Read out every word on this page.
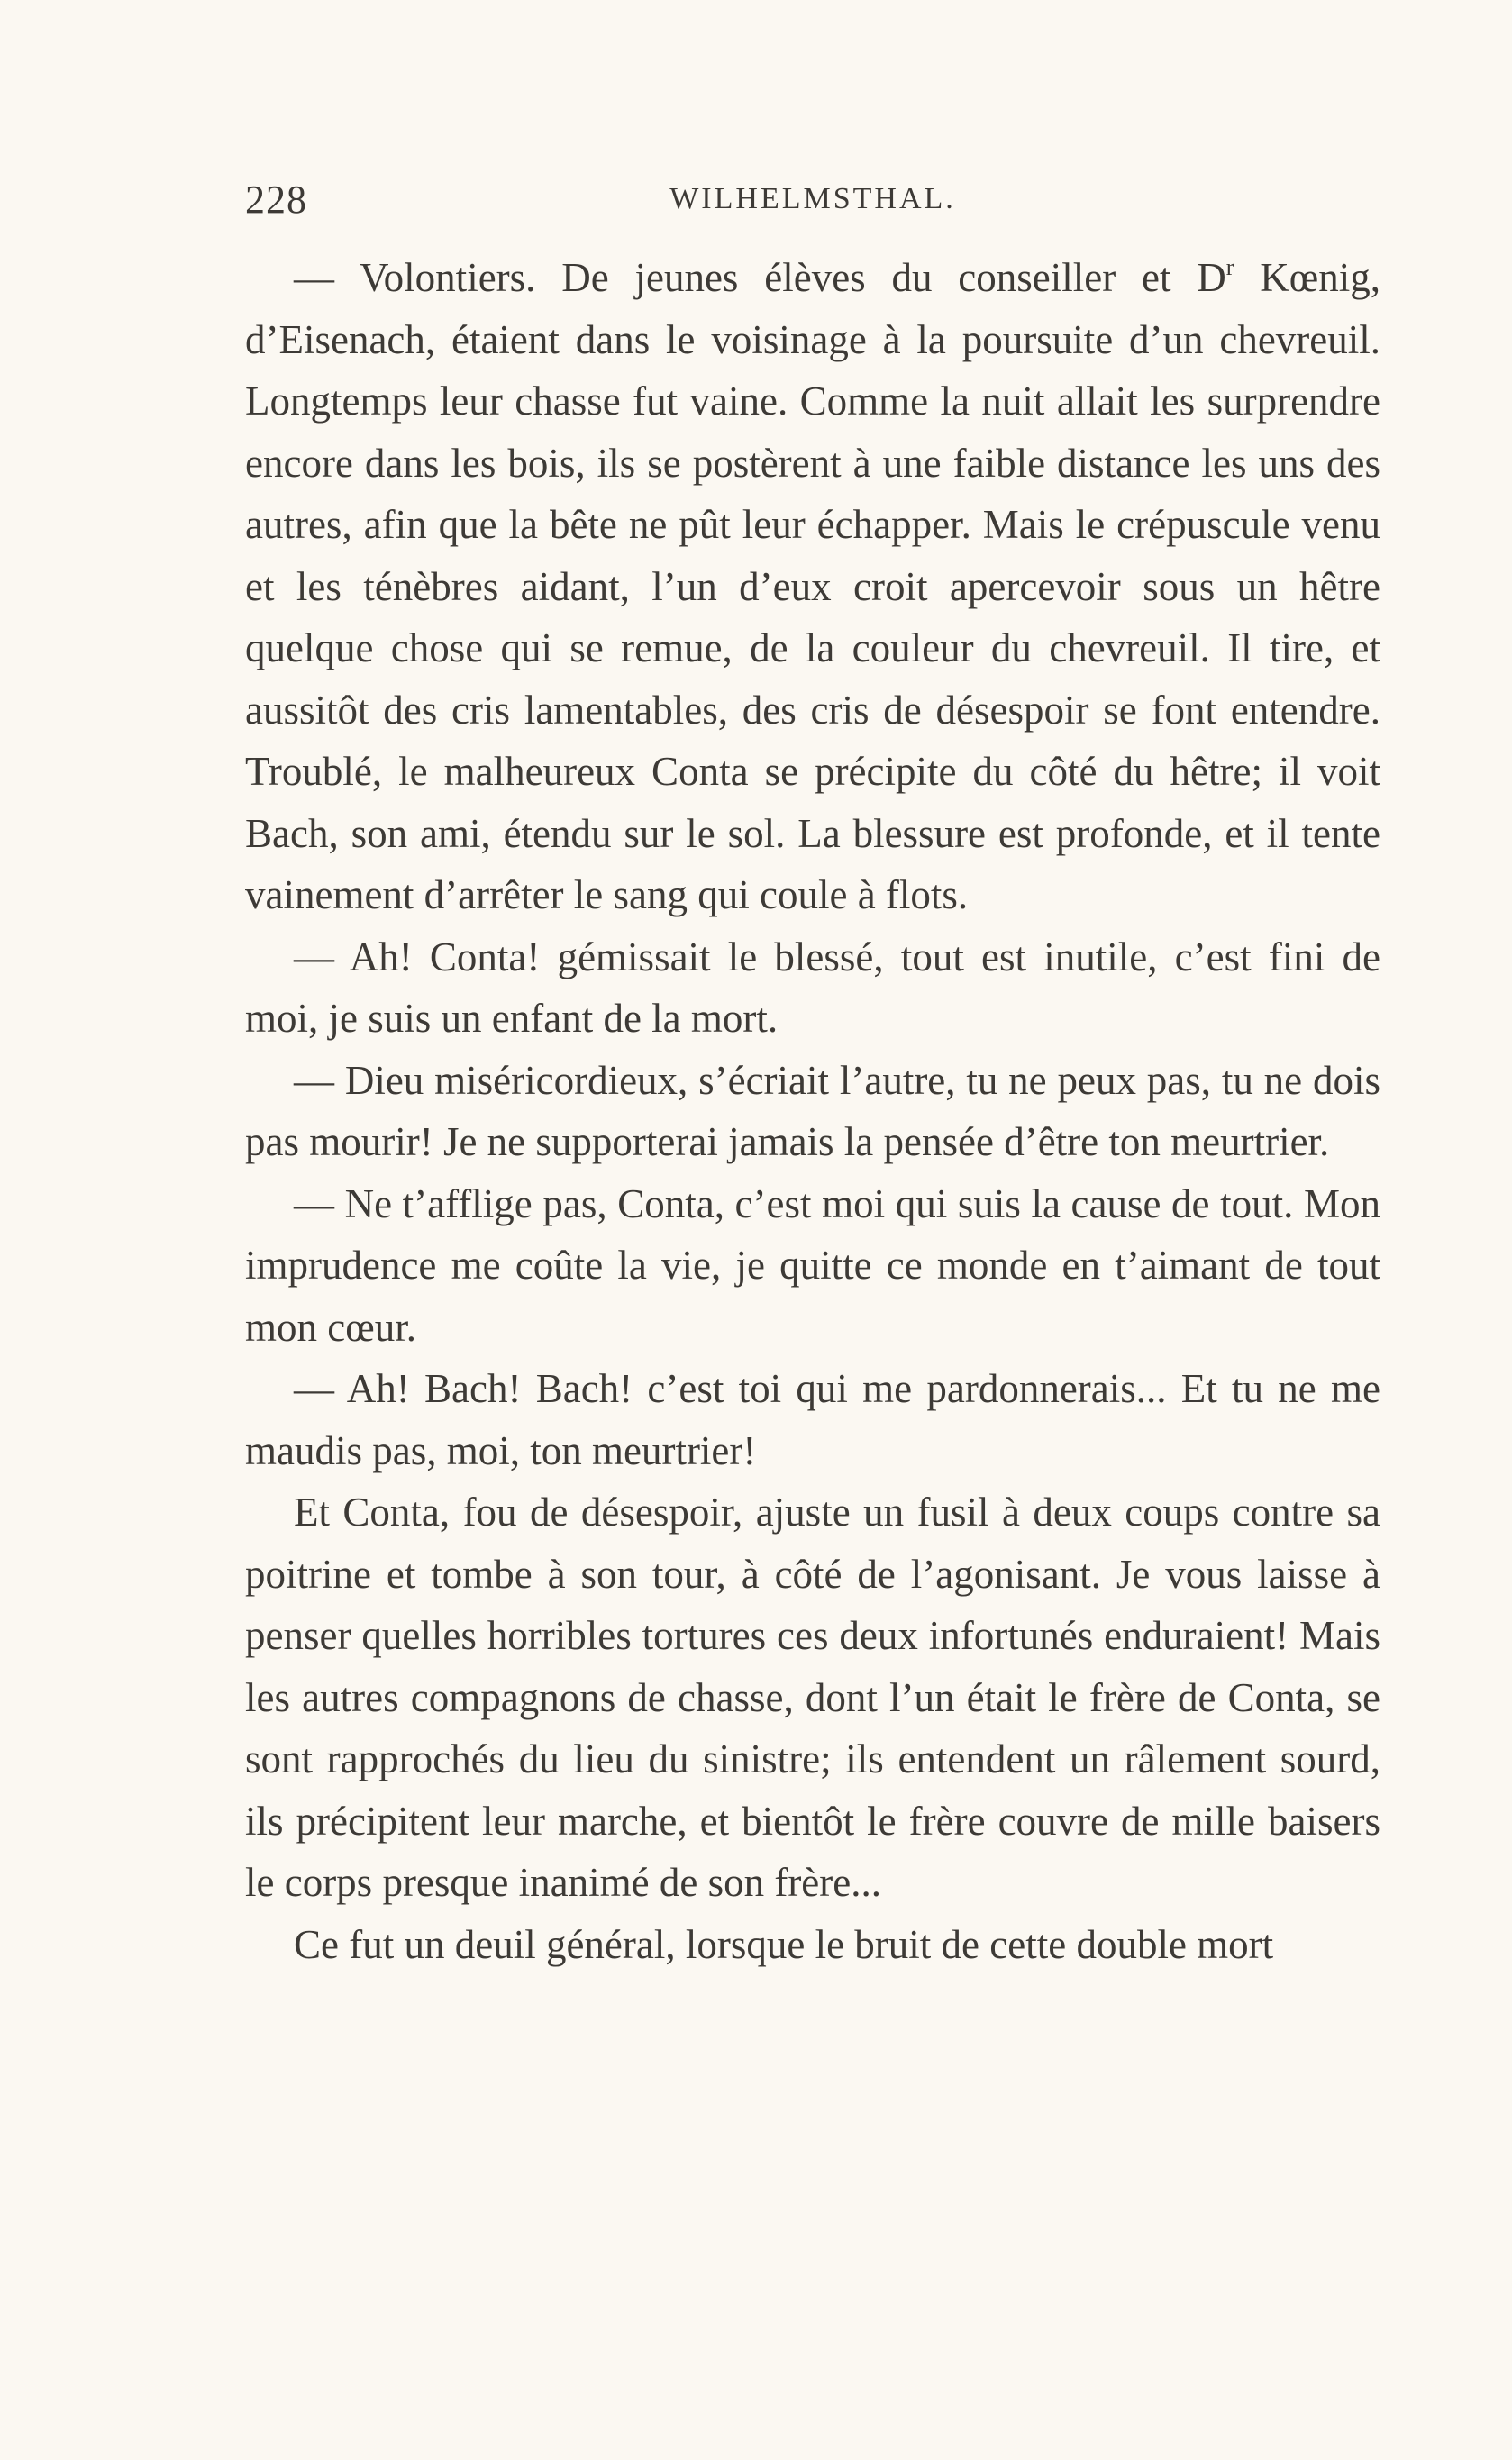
228	WILHELMSTHAL.

— Volontiers. De jeunes élèves du conseiller et $D^r$ Kœnig, d’Eisenach, étaient dans le voisinage à la poursuite d’un chevreuil. Longtemps leur chasse fut vaine. Comme la nuit allait les surprendre encore dans les bois, ils se postèrent à une faible distance les uns des autres, afin que la bête ne pût leur échapper. Mais le crépuscule venu et les ténèbres aidant, l’un d’eux croit apercevoir sous un hêtre quelque chose qui se remue, de la couleur du chevreuil. Il tire, et aussitôt des cris lamentables, des cris de désespoir se font entendre. Troublé, le malheureux Conta se précipite du côté du hêtre; il voit Bach, son ami, étendu sur le sol. La blessure est profonde, et il tente vainement d’arrêter le sang qui coule à flots.

— Ah! Conta! gémissait le blessé, tout est inutile, c’est fini de moi, je suis un enfant de la mort.

— Dieu miséricordieux, s’écriait l’autre, tu ne peux pas, tu ne dois pas mourir! Je ne supporterai jamais la pensée d’être ton meurtrier.

— Ne t’afflige pas, Conta, c’est moi qui suis la cause de tout. Mon imprudence me coûte la vie, je quitte ce monde en t’aimant de tout mon cœur.

— Ah! Bach! Bach! c’est toi qui me pardonnerais... Et tu ne me maudis pas, moi, ton meurtrier!

Et Conta, fou de désespoir, ajuste un fusil à deux coups contre sa poitrine et tombe à son tour, à côté de l’agonisant. Je vous laisse à penser quelles horribles tortures ces deux infortunés enduraient! Mais les autres compagnons de chasse, dont l’un était le frère de Conta, se sont rapprochés du lieu du sinistre; ils entendent un râlement sourd, ils précipitent leur marche, et bientôt le frère couvre de mille baisers le corps presque inanimé de son frère...

Ce fut un deuil général, lorsque le bruit de cette double mort
